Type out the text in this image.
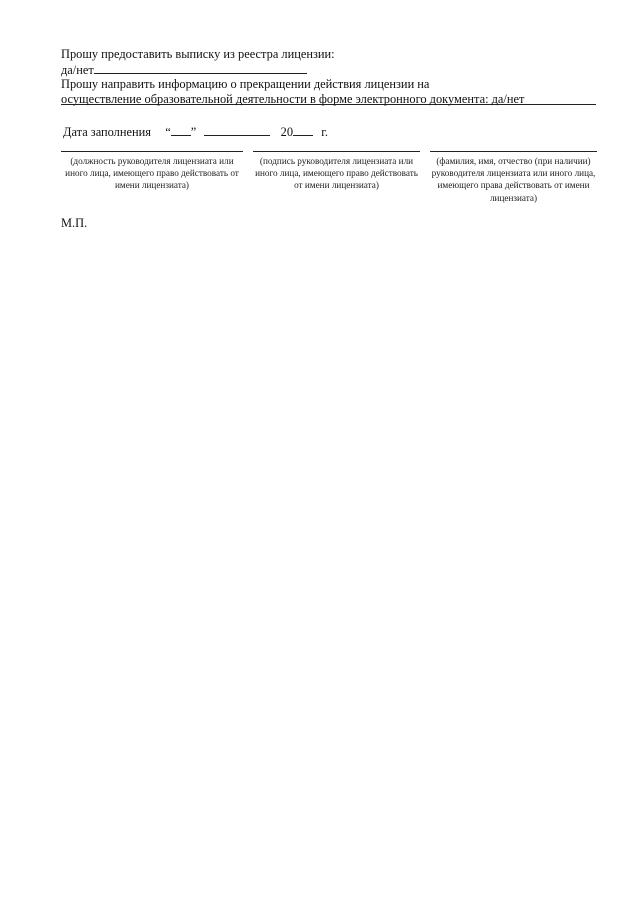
Прошу предоставить выписку из реестра лицензии:
да/нет
Прошу направить информацию о прекращении действия лицензии на
осуществление образовательной деятельности в форме электронного документа: да/нет
Дата заполнения “ ”	20 г.
(должность руководителя лицензиата или иного лица, имеющего право действовать от имени лицензиата)
(подпись руководителя лицензиата или иного лица, имеющего право действовать от имени лицензиата)
(фамилия, имя, отчество (при наличии) руководителя лицензиата или иного лица, имеющего права действовать от имени лицензиата)
М.П.
